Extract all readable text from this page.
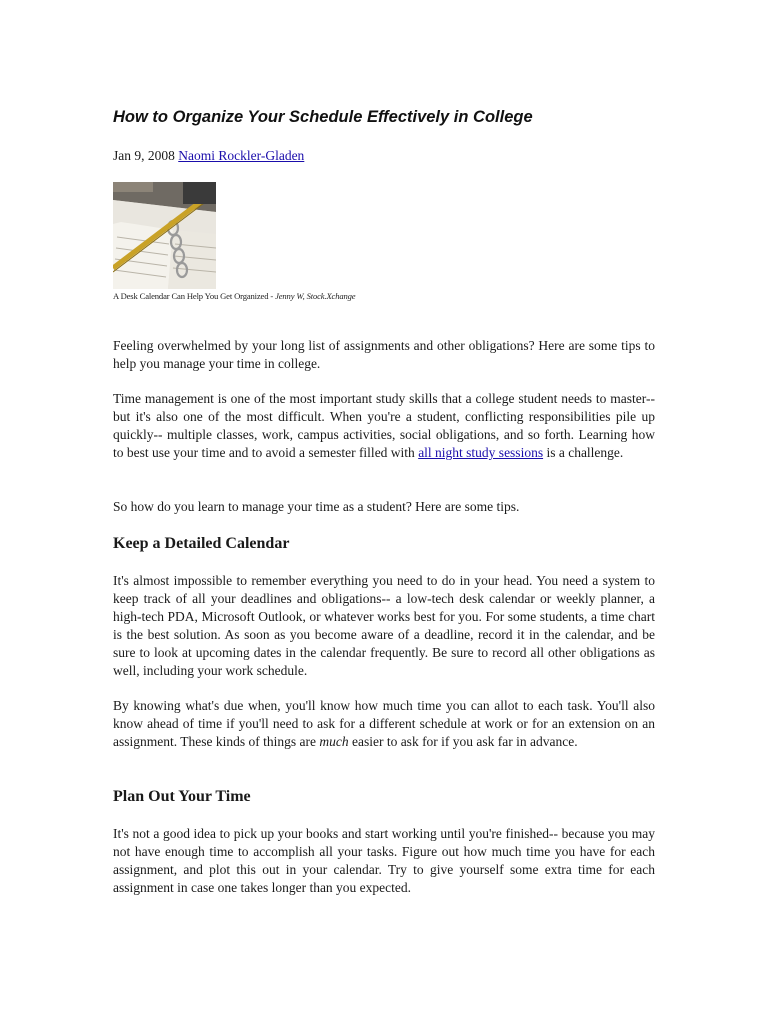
How to Organize Your Schedule Effectively in College
Jan 9, 2008 Naomi Rockler-Gladen
A Desk Calendar Can Help You Get Organized - Jenny W, Stock.Xchange

Feeling overwhelmed by your long list of assignments and other obligations? Here are some tips to help you manage your time in college.

Time management is one of the most important study skills that a college student needs to master-- but it's also one of the most difficult. When you're a student, conflicting responsibilities pile up quickly-- multiple classes, work, campus activities, social obligations, and so forth. Learning how to best use your time and to avoid a semester filled with all night study sessions is a challenge.

So how do you learn to manage your time as a student? Here are some tips.

Keep a Detailed Calendar

It's almost impossible to remember everything you need to do in your head. You need a system to keep track of all your deadlines and obligations-- a low-tech desk calendar or weekly planner, a high-tech PDA, Microsoft Outlook, or whatever works best for you. For some students, a time chart is the best solution. As soon as you become aware of a deadline, record it in the calendar, and be sure to look at upcoming dates in the calendar frequently. Be sure to record all other obligations as well, including your work schedule.

By knowing what's due when, you'll know how much time you can allot to each task. You'll also know ahead of time if you'll need to ask for a different schedule at work or for an extension on an assignment. These kinds of things are much easier to ask for if you ask far in advance.

Plan Out Your Time

It's not a good idea to pick up your books and start working until you're finished-- because you may not have enough time to accomplish all your tasks. Figure out how much time you have for each assignment, and plot this out in your calendar. Try to give yourself some extra time for each assignment in case one takes longer than you expected.
